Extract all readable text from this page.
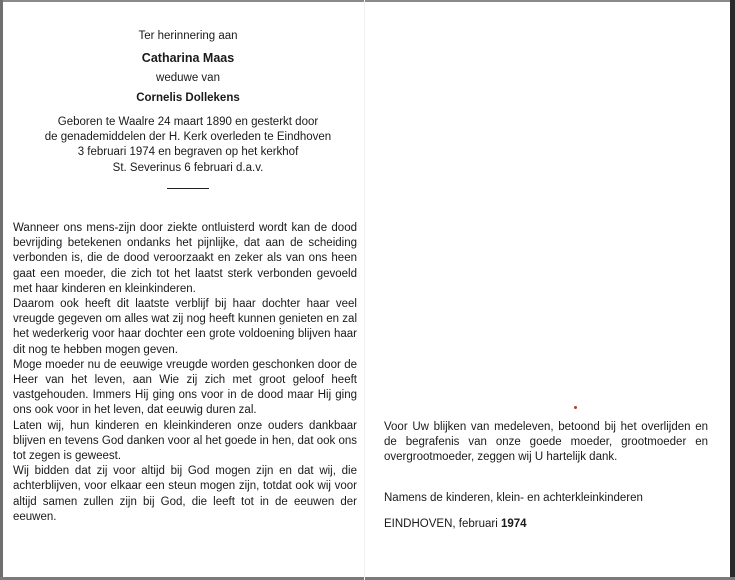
Ter herinnering aan
Catharina Maas
weduwe van
Cornelis Dollekens
Geboren te Waalre 24 maart 1890 en gesterkt door
de genademiddelen der H. Kerk overleden te Eindhoven
3 februari 1974 en begraven op het kerkhof
St. Severinus 6 februari d.a.v.

Wanneer ons mens-zijn door ziekte ontluisterd wordt kan de dood bevrijding betekenen ondanks het pijnlijke, dat aan de scheiding verbonden is, die de dood veroorzaakt en zeker als van ons heen gaat een moeder, die zich tot het laatst sterk verbonden gevoeld met haar kinderen en kleinkinderen.

Daarom ook heeft dit laatste verblijf bij haar dochter haar veel vreugde gegeven om alles wat zij nog heeft kunnen genieten en zal het wederkerig voor haar dochter een grote voldoening blijven haar dit nog te hebben mogen geven.

Moge moeder nu de eeuwige vreugde worden geschonken door de Heer van het leven, aan Wie zij zich met groot geloof heeft vastgehouden. Immers Hij ging ons voor in de dood maar Hij ging ons ook voor in het leven, dat eeuwig duren zal.

Laten wij, hun kinderen en kleinkinderen onze ouders dankbaar blijven en tevens God danken voor al het goede in hen, dat ook ons tot zegen is geweest.

Wij bidden dat zij voor altijd bij God mogen zijn en dat wij, die achterblijven, voor elkaar een steun mogen zijn, totdat ook wij voor altijd samen zullen zijn bij God, die leeft tot in de eeuwen der eeuwen.

Voor Uw blijken van medeleven, betoond bij het overlijden en de begrafenis van onze goede moeder, grootmoeder en overgrootmoeder, zeggen wij U hartelijk dank.

Namens de kinderen, klein- en achterkleinkinderen
EINDHOVEN, februari 1974
